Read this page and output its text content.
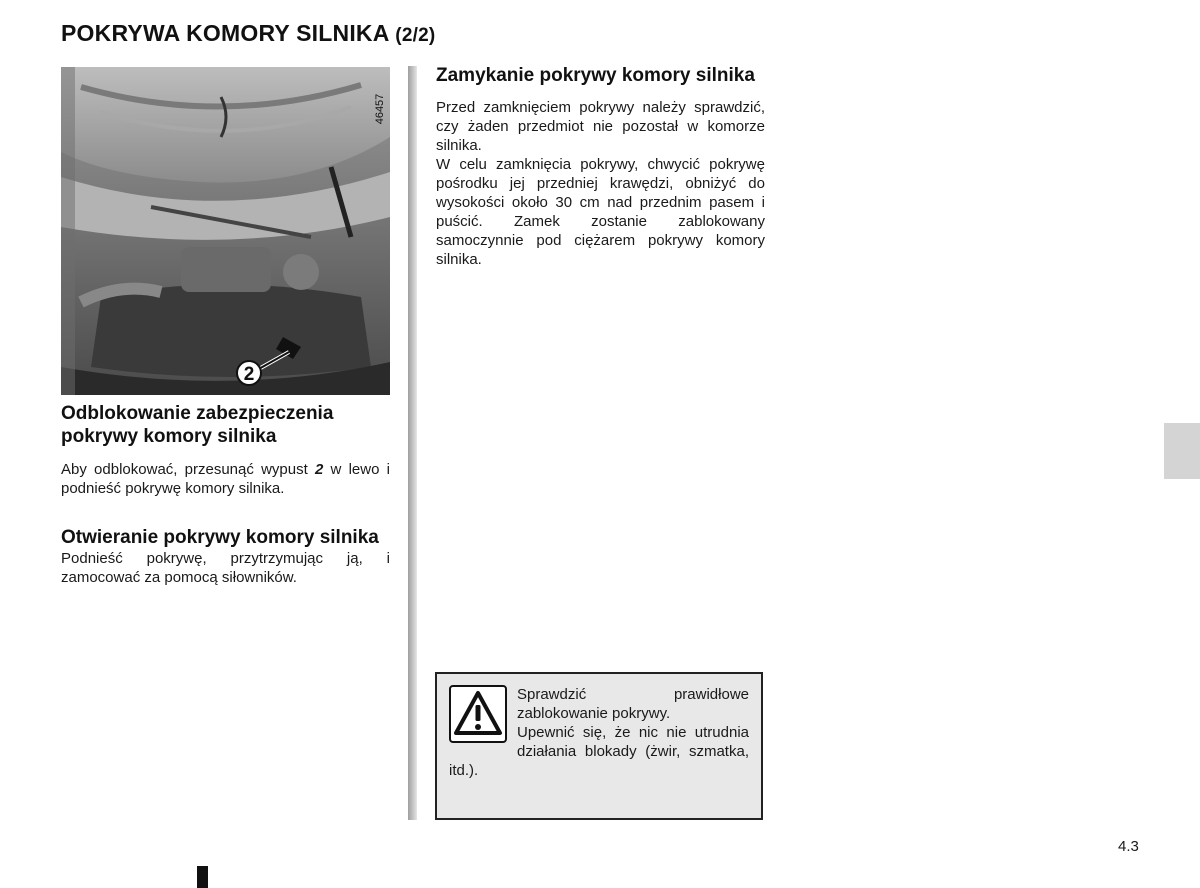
POKRYWA KOMORY SILNIKA (2/2)
2
46457
Odblokowanie zabezpieczenia pokrywy komory silnika

Aby odblokować, przesunąć wypust 2 w lewo i podnieść pokrywę komory silnika.

Otwieranie pokrywy komory silnika

Podnieść pokrywę, przytrzymując ją, i zamocować za pomocą siłowników.

Zamykanie pokrywy komory silnika

Przed zamknięciem pokrywy należy sprawdzić, czy żaden przedmiot nie pozostał w komorze silnika.

W celu zamknięcia pokrywy, chwycić pokrywę pośrodku jej przedniej krawędzi, obniżyć do wysokości około 30 cm nad przednim pasem i puścić. Zamek zostanie zablokowany samoczynnie pod ciężarem pokrywy komory silnika.

Sprawdzić prawidłowe zablokowanie pokrywy.

Upewnić się, że nic nie utrudnia działania blokady (żwir, szmatka, itd.).

4.3
